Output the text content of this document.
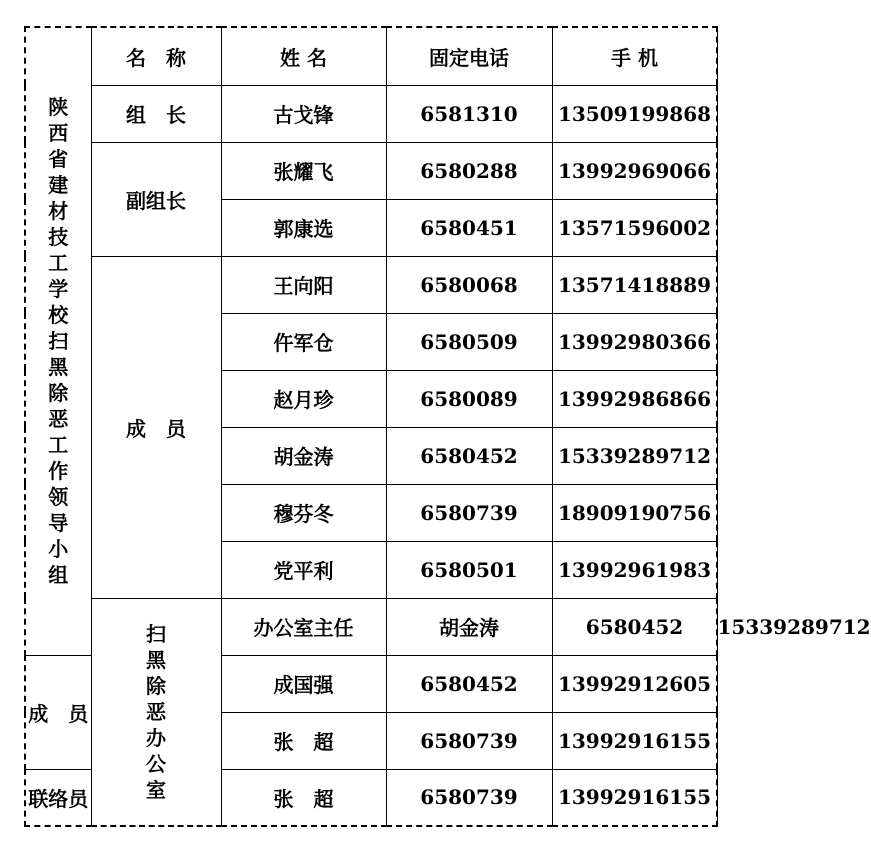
陕西省建材技工学校扫黑除恶工作领导小组	名　称	姓 名	固定电话	手 机	
	组　长	古戈锋	6581310	13509199868	
	副组长	张耀飞	6580288	13992969066	
		郭康选	6580451	13571596002	
	成　员	王向阳	6580068	13571418889	
		仵军仓	6580509	13992980366	
		赵月珍	6580089	13992986866	
		胡金涛	6580452	15339289712	
		穆芬冬	6580739	18909190756	
		党平利	6580501	13992961983	

	扫黑除恶办公室	办公室主任	胡金涛	6580452	15339289712
成　员		成国强	6580452	13992912605	
		张　超	6580739	13992916155	
联络员		张　超	6580739	13992916155	
